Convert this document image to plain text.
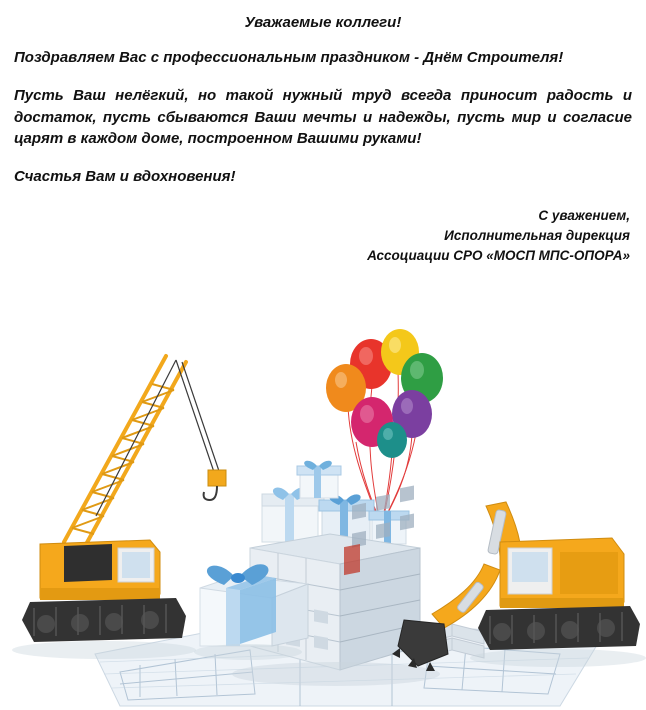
Уважаемые коллеги!

Поздравляем Вас с профессиональным праздником - Днём Строителя!

Пусть Ваш нелёгкий, но такой нужный труд всегда приносит радость и достаток, пусть сбываются Ваши мечты и надежды, пусть мир и согласие царят в каждом доме, построенном Вашими руками!

Счастья Вам и вдохновения!

С уважением,
Исполнительная дирекция
Ассоциации СРО «МОСП МПС-ОПОРА»
